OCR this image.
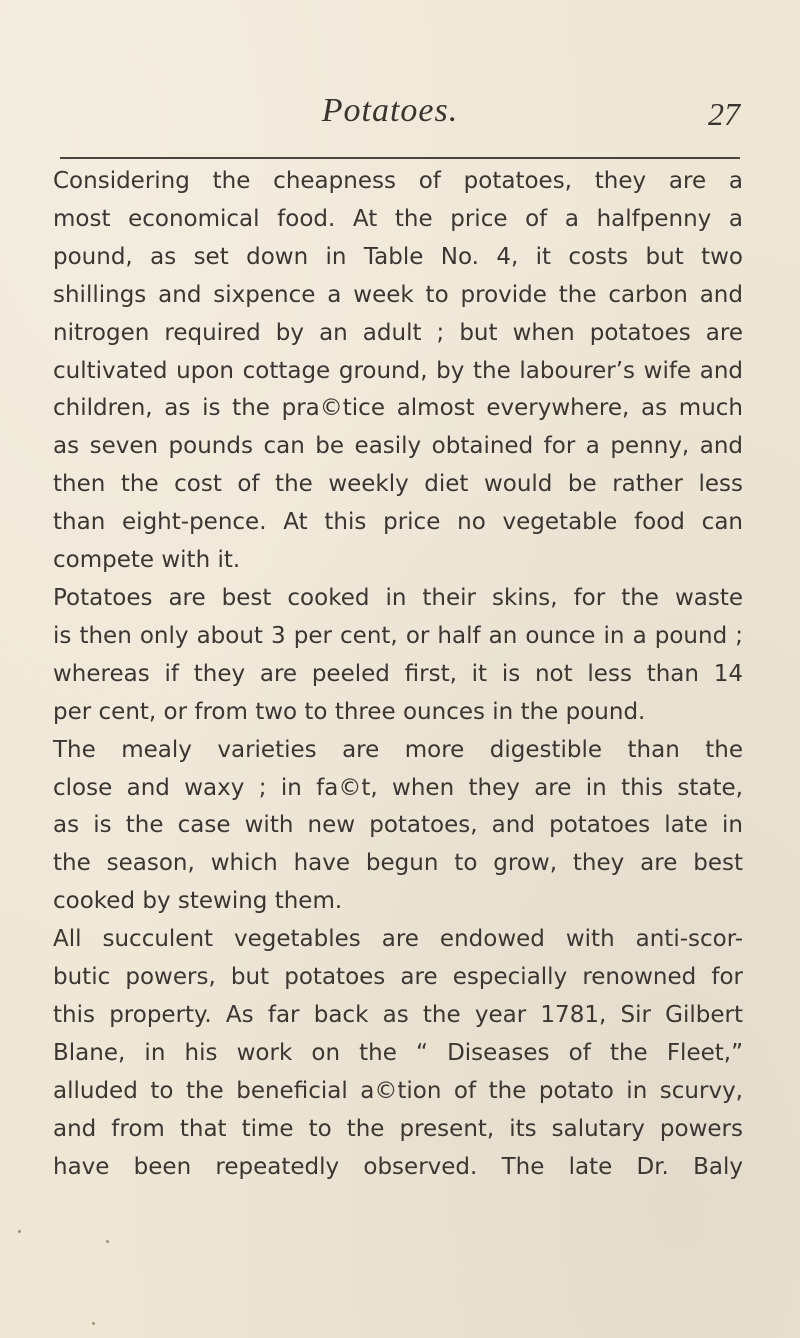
Potatoes.	27

Considering the cheapness of potatoes, they are a

most economical food. At the price of a halfpenny a

pound, as set down in Table No. 4, it costs but two

shillings and sixpence a week to provide the carbon and

nitrogen required by an adult ; but when potatoes are

cultivated upon cottage ground, by the labourer’s wife and

children, as is the pra©tice almost everywhere, as much

as seven pounds can be easily obtained for a penny, and

then the cost of the weekly diet would be rather less

than eight-pence. At this price no vegetable food can

compete with it.

Potatoes are best cooked in their skins, for the waste

is then only about 3 per cent, or half an ounce in a pound ;

whereas if they are peeled first, it is not less than 14

per cent, or from two to three ounces in the pound.

The mealy varieties are more digestible than the

close and waxy ; in fa©t, when they are in this state,

as is the case with new potatoes, and potatoes late in

the season, which have begun to grow, they are best

cooked by stewing them.

All succulent vegetables are endowed with anti-scor-

butic powers, but potatoes are especially renowned for

this property. As far back as the year 1781, Sir Gilbert

Blane, in his work on the “ Diseases of the Fleet,”

alluded to the beneficial a©tion of the potato in scurvy,

and from that time to the present, its salutary powers

have been repeatedly observed. The late Dr. Baly
